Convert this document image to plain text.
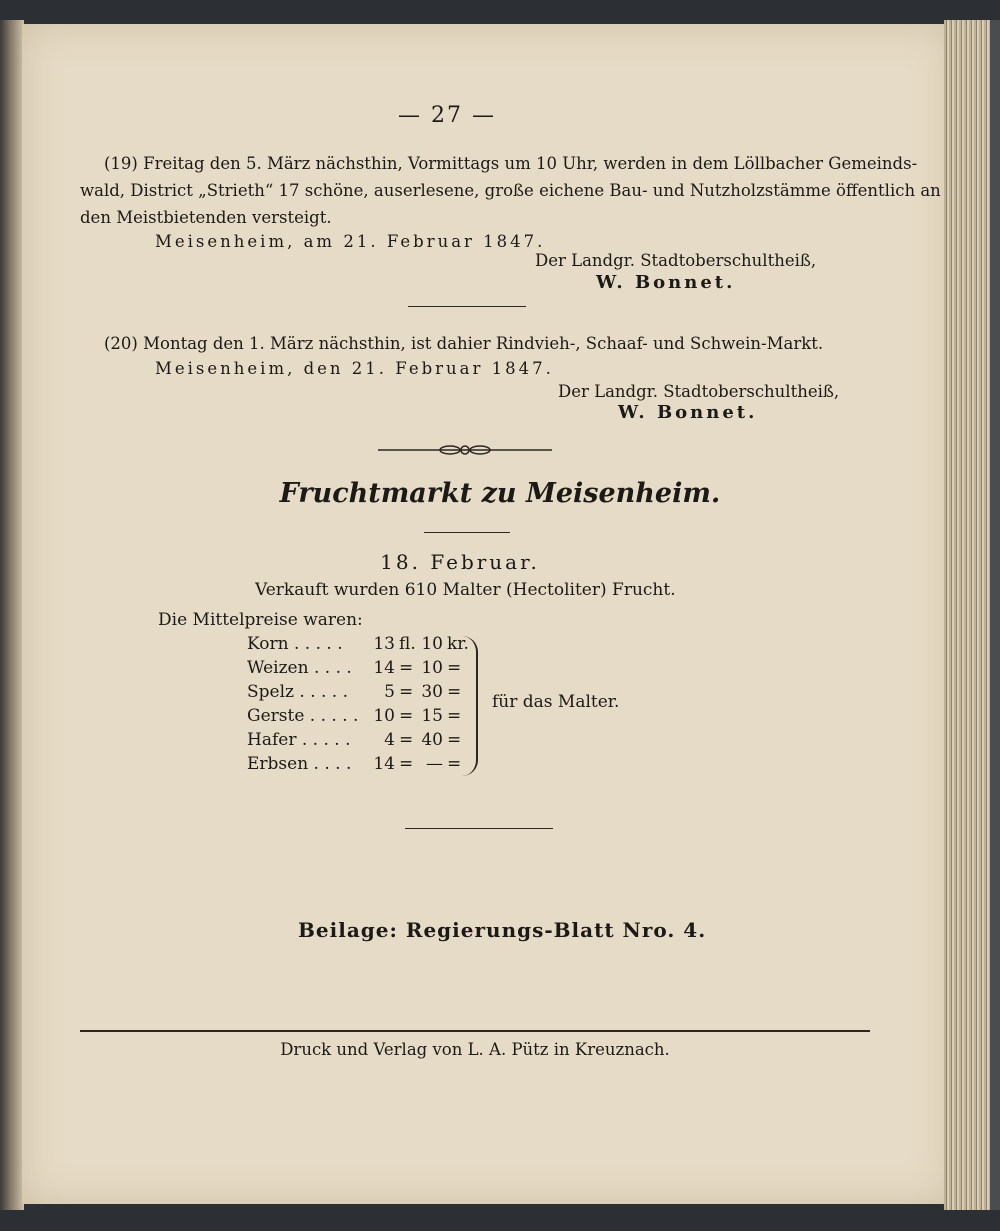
— 27 —
(19) Freitag den 5. März nächsthin, Vormittags um 10 Uhr, werden in dem Löllbacher Gemeinds-
wald, District „Strieth“ 17 schöne, auserlesene, große eichene Bau- und Nutzholzstämme öffentlich an
den Meistbietenden versteigt.
Meisenheim, am 21. Februar 1847.
Der Landgr. Stadtoberschultheiß,
W. Bonnet.
(20) Montag den 1. März nächsthin, ist dahier Rindvieh-, Schaaf- und Schwein-Markt.
Meisenheim, den 21. Februar 1847.
Der Landgr. Stadtoberschultheiß,
W. Bonnet.
Fruchtmarkt zu Meisenheim.
18. Februar.
Verkauft wurden 610 Malter (Hectoliter) Frucht.
Die Mittelpreise waren:
Korn . . . . .	13 fl. 10 kr.
Weizen . . . .	14 = 10 =
Spelz . . . . .	5 = 30 =
Gerste . . . . . 10 = 15 =
Hafer . . . . .	4 = 40 =
Erbsen . . . .	14 = — =
für das Malter.
Beilage: Regierungs-Blatt Nro. 4.
Druck und Verlag von L. A. Pütz in Kreuznach.
